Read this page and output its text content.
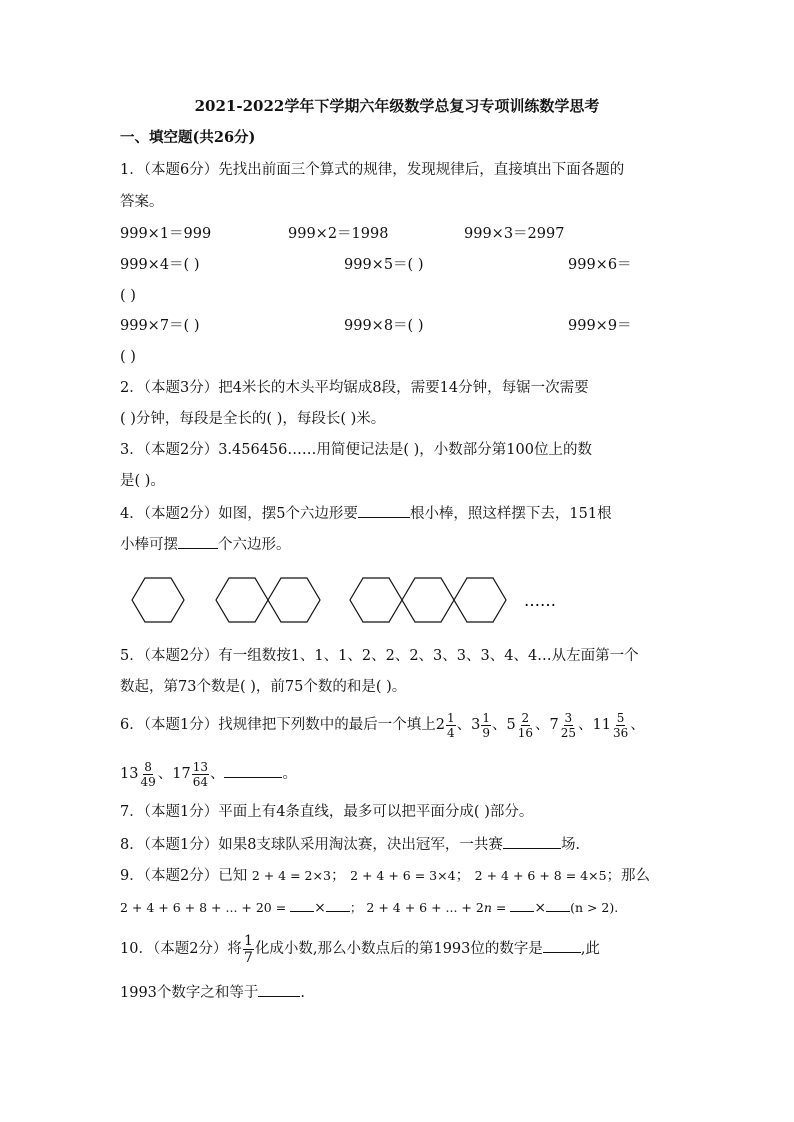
2021-2022学年下学期六年级数学总复习专项训练数学思考
一、填空题(共26分)
1．（本题6分）先找出前面三个算式的规律，发现规律后，直接填出下面各题的
答案。
999×1＝999	999×2＝1998	999×3＝2997
999×4＝( )	999×5＝( )	999×6＝
( )
999×7＝( )	999×8＝( )	999×9＝
( )
2．（本题3分）把4米长的木头平均锯成8段，需要14分钟，每锯一次需要
( )分钟，每段是全长的( )，每段长( )米。
3．（本题2分）3.456456……用简便记法是( )，小数部分第100位上的数
是( )。
4．（本题2分）如图，摆5个六边形要	根小棒，照这样摆下去，151根
小棒可摆	个六边形。
……
5．（本题2分）有一组数按1、1、1、2、2、2、3、3、3、4、4…从左面第一个
数起，第73个数是( )，前75个数的和是( )。
6．（本题1分）找规律把下列数中的最后一个填上$2 \frac{1}{4}$ 、$3 \frac{1}{9}$ 、$5 \frac{2}{16}$ 、$7 \frac{3}{25}$ 、$11 \frac{5}{36}$ 、
$13 \frac{8}{49}$ 、$17 \frac{13}{64}$ 、	。
7．（本题1分）平面上有4条直线，最多可以把平面分成( )部分。
8．（本题1分）如果8支球队采用淘汰赛，决出冠军，一共赛	场.
9．（本题2分）已知 2 + 4 = 2×3； 2 + 4 + 6 = 3×4； 2 + 4 + 6 + 8 = 4×5；那么
2 + 4 + 6 + 8 + ... + 20 = × ； 2 + 4 + 6 + ... + 2n = × (n > 2).
10．（本题2分）将 $\frac{1}{7}$ 化成小数,那么小数点后的第1993位的数字是	,此
1993个数字之和等于	.
